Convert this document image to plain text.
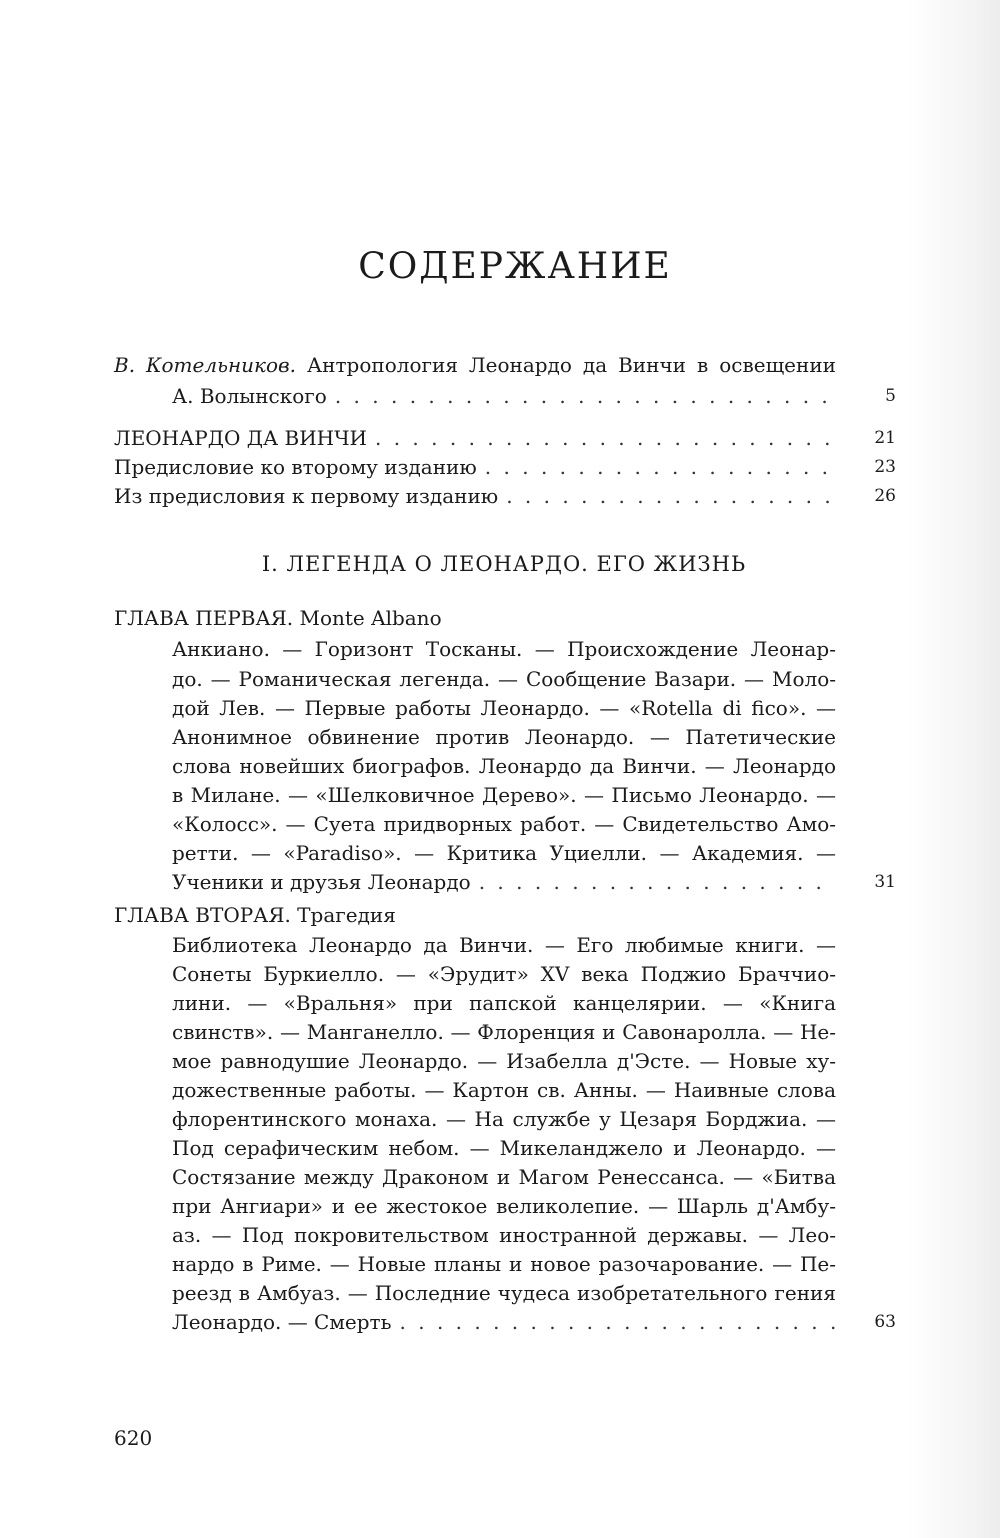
СОДЕРЖАНИЕ
В. Котельников. Антропология Леонардо да Винчи в освещении
А. Волынского . . .	5
ЛЕОНАРДО ДА ВИНЧИ . . .	21
Предисловие ко второму изданию . . .	23
Из предисловия к первому изданию . . .	26
I. ЛЕГЕНДА О ЛЕОНАРДО. ЕГО ЖИЗНЬ
ГЛАВА ПЕРВАЯ. Monte Albano
Анкиано. — Горизонт Тосканы. — Происхождение Леонар-
до. — Романическая легенда. — Сообщение Вазари. — Моло-
дой Лев. — Первые работы Леонардо. — «Rotella di fico». —
Анонимное обвинение против Леонардо. — Патетические
слова новейших биографов. Леонардо да Винчи. — Леонардо
в Милане. — «Шелковичное Дерево». — Письмо Леонардо. —
«Колосс». — Суета придворных работ. — Свидетельство Амо-
ретти. — «Paradiso». — Критика Уциелли. — Академия. —
Ученики и друзья Леонардо . . .	31
ГЛАВА ВТОРАЯ. Трагедия
Библиотека Леонардо да Винчи. — Его любимые книги. —
Сонеты Буркиелло. — «Эрудит» XV века Поджио Браччио-
лини. — «Вральня» при папской канцелярии. — «Книга
свинств». — Манганелло. — Флоренция и Савонаролла. — Не-
мое равнодушие Леонардо. — Изабелла д'Эсте. — Новые ху-
дожественные работы. — Картон св. Анны. — Наивные слова
флорентинского монаха. — На службе у Цезаря Борджиа. —
Под серафическим небом. — Микеланджело и Леонардо. —
Состязание между Драконом и Магом Ренессанса. — «Битва
при Ангиари» и ее жестокое великолепие. — Шарль д'Амбу-
аз. — Под покровительством иностранной державы. — Лео-
нардо в Риме. — Новые планы и новое разочарование. — Пе-
реезд в Амбуаз. — Последние чудеса изобретательного гения
Леонардо. — Смерть . . .	63
620
